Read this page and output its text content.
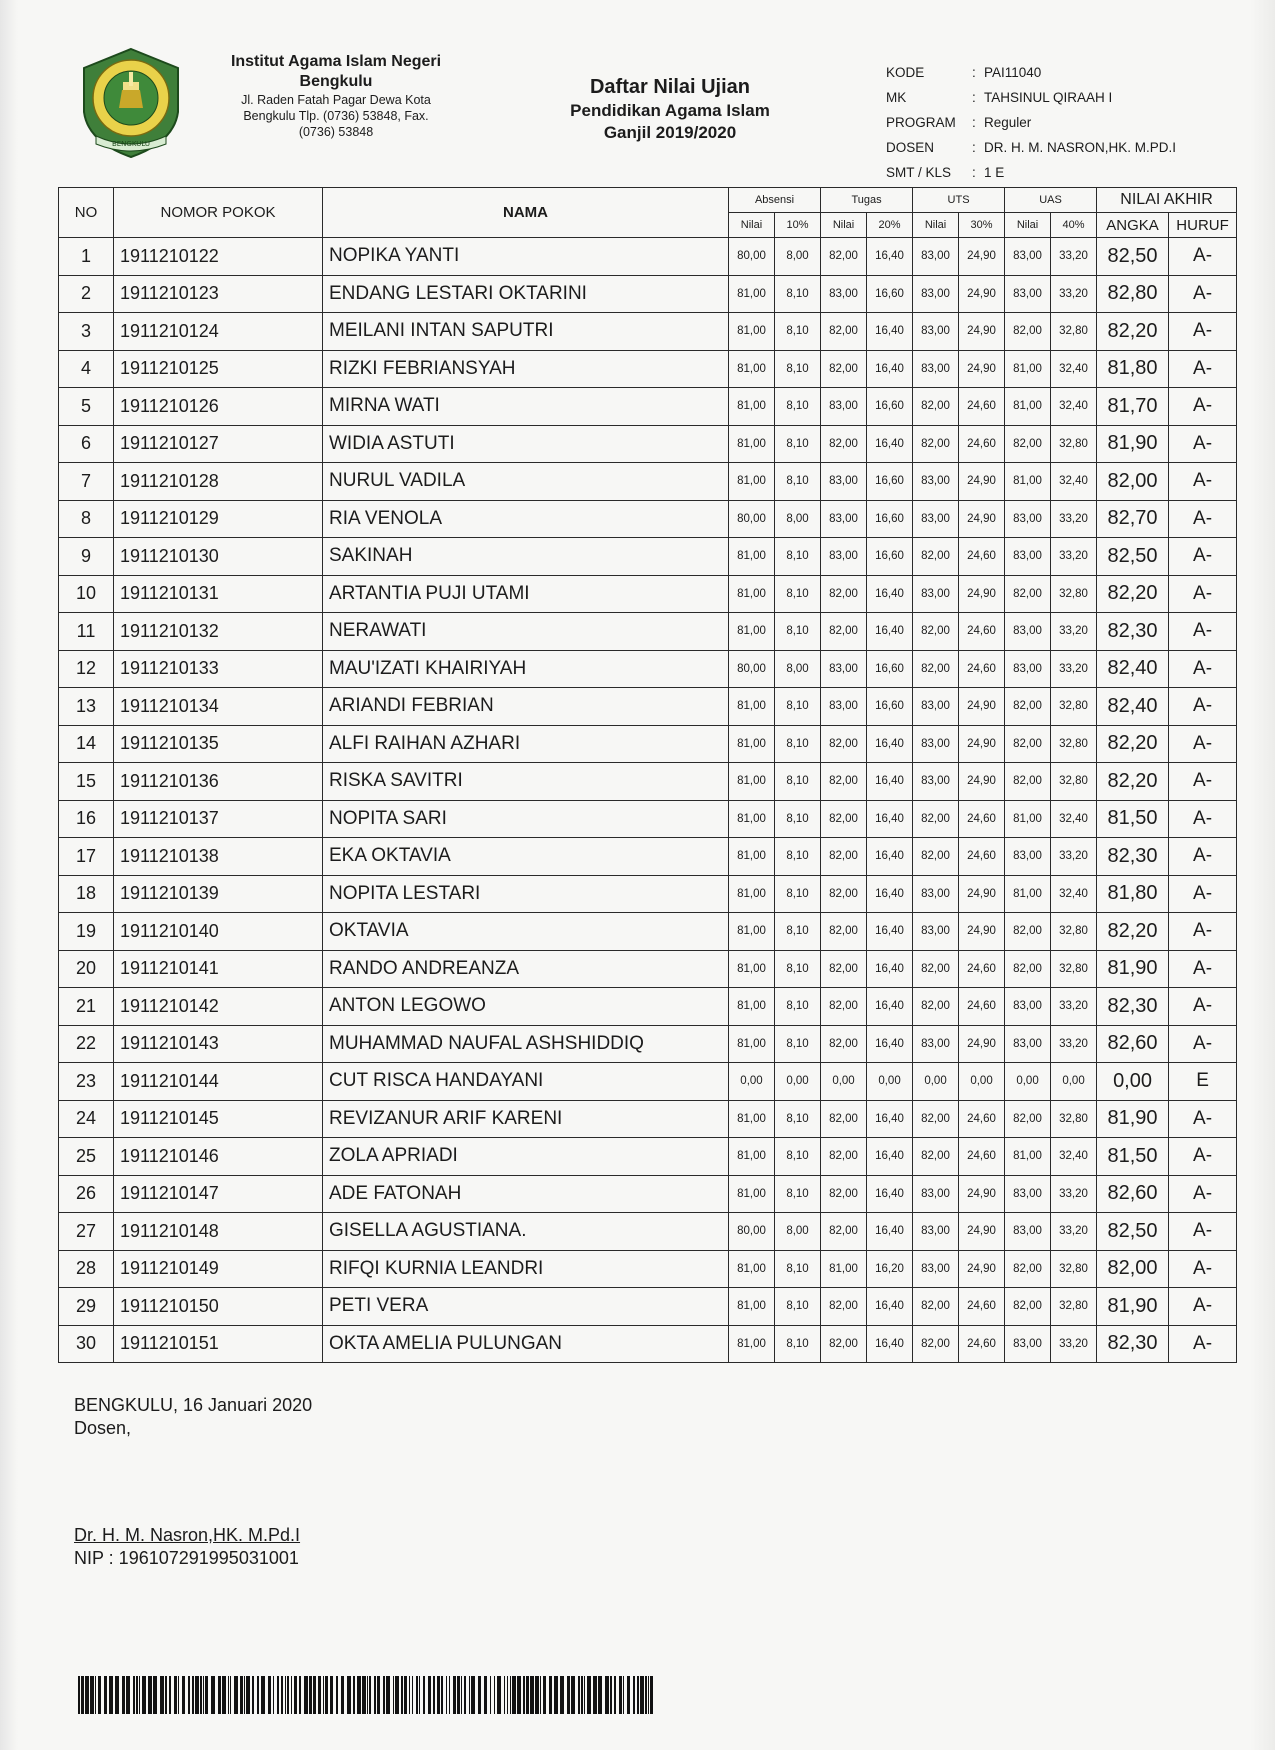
BENGKULU
Institut Agama Islam Negeri
Bengkulu
Jl. Raden Fatah Pagar Dewa Kota
Bengkulu Tlp. (0736) 53848, Fax.
(0736) 53848
Daftar Nilai Ujian
Pendidikan Agama Islam
Ganjil 2019/2020
KODE	: PAI11040
MK	: TAHSINUL QIRAAH I
PROGRAM : Reguler
DOSEN	: DR. H. M. NASRON,HK. M.PD.I
SMT / KLS : 1 E
NO	NOMOR POKOK	NAMA	Absensi		Tugas		UTS		UAS		NILAI AKHIR	
			Nilai	10%	Nilai	20%	Nilai	30%	Nilai	40%	ANGKA	HURUF
1	1911210122	NOPIKA YANTI	80,00	8,00	82,00	16,40	83,00	24,90	83,00	33,20	82,50	A-
2	1911210123	ENDANG LESTARI OKTARINI	81,00	8,10	83,00	16,60	83,00	24,90	83,00	33,20	82,80	A-
3	1911210124	MEILANI INTAN SAPUTRI	81,00	8,10	82,00	16,40	83,00	24,90	82,00	32,80	82,20	A-
4	1911210125	RIZKI FEBRIANSYAH	81,00	8,10	82,00	16,40	83,00	24,90	81,00	32,40	81,80	A-
5	1911210126	MIRNA WATI	81,00	8,10	83,00	16,60	82,00	24,60	81,00	32,40	81,70	A-
6	1911210127	WIDIA ASTUTI	81,00	8,10	82,00	16,40	82,00	24,60	82,00	32,80	81,90	A-
7	1911210128	NURUL VADILA	81,00	8,10	83,00	16,60	83,00	24,90	81,00	32,40	82,00	A-
8	1911210129	RIA VENOLA	80,00	8,00	83,00	16,60	83,00	24,90	83,00	33,20	82,70	A-
9	1911210130	SAKINAH	81,00	8,10	83,00	16,60	82,00	24,60	83,00	33,20	82,50	A-
10	1911210131	ARTANTIA PUJI UTAMI	81,00	8,10	82,00	16,40	83,00	24,90	82,00	32,80	82,20	A-
11	1911210132	NERAWATI	81,00	8,10	82,00	16,40	82,00	24,60	83,00	33,20	82,30	A-
12	1911210133	MAU'IZATI KHAIRIYAH	80,00	8,00	83,00	16,60	82,00	24,60	83,00	33,20	82,40	A-
13	1911210134	ARIANDI FEBRIAN	81,00	8,10	83,00	16,60	83,00	24,90	82,00	32,80	82,40	A-
14	1911210135	ALFI RAIHAN AZHARI	81,00	8,10	82,00	16,40	83,00	24,90	82,00	32,80	82,20	A-
15	1911210136	RISKA SAVITRI	81,00	8,10	82,00	16,40	83,00	24,90	82,00	32,80	82,20	A-
16	1911210137	NOPITA SARI	81,00	8,10	82,00	16,40	82,00	24,60	81,00	32,40	81,50	A-
17	1911210138	EKA OKTAVIA	81,00	8,10	82,00	16,40	82,00	24,60	83,00	33,20	82,30	A-
18	1911210139	NOPITA LESTARI	81,00	8,10	82,00	16,40	83,00	24,90	81,00	32,40	81,80	A-
19	1911210140	OKTAVIA	81,00	8,10	82,00	16,40	83,00	24,90	82,00	32,80	82,20	A-
20	1911210141	RANDO ANDREANZA	81,00	8,10	82,00	16,40	82,00	24,60	82,00	32,80	81,90	A-
21	1911210142	ANTON LEGOWO	81,00	8,10	82,00	16,40	82,00	24,60	83,00	33,20	82,30	A-
22	1911210143	MUHAMMAD NAUFAL ASHSHIDDIQ	81,00	8,10	82,00	16,40	83,00	24,90	83,00	33,20	82,60	A-
23	1911210144	CUT RISCA HANDAYANI	0,00	0,00	0,00	0,00	0,00	0,00	0,00	0,00	0,00	E
24	1911210145	REVIZANUR ARIF KARENI	81,00	8,10	82,00	16,40	82,00	24,60	82,00	32,80	81,90	A-
25	1911210146	ZOLA APRIADI	81,00	8,10	82,00	16,40	82,00	24,60	81,00	32,40	81,50	A-
26	1911210147	ADE FATONAH	81,00	8,10	82,00	16,40	83,00	24,90	83,00	33,20	82,60	A-
27	1911210148	GISELLA AGUSTIANA.	80,00	8,00	82,00	16,40	83,00	24,90	83,00	33,20	82,50	A-
28	1911210149	RIFQI KURNIA LEANDRI	81,00	8,10	81,00	16,20	83,00	24,90	82,00	32,80	82,00	A-
29	1911210150	PETI VERA	81,00	8,10	82,00	16,40	82,00	24,60	82,00	32,80	81,90	A-
30	1911210151	OKTA AMELIA PULUNGAN	81,00	8,10	82,00	16,40	82,00	24,60	83,00	33,20	82,30	A-
BENGKULU, 16 Januari 2020
Dosen,
Dr. H. M. Nasron,HK. M.Pd.I
NIP : 196107291995031001
